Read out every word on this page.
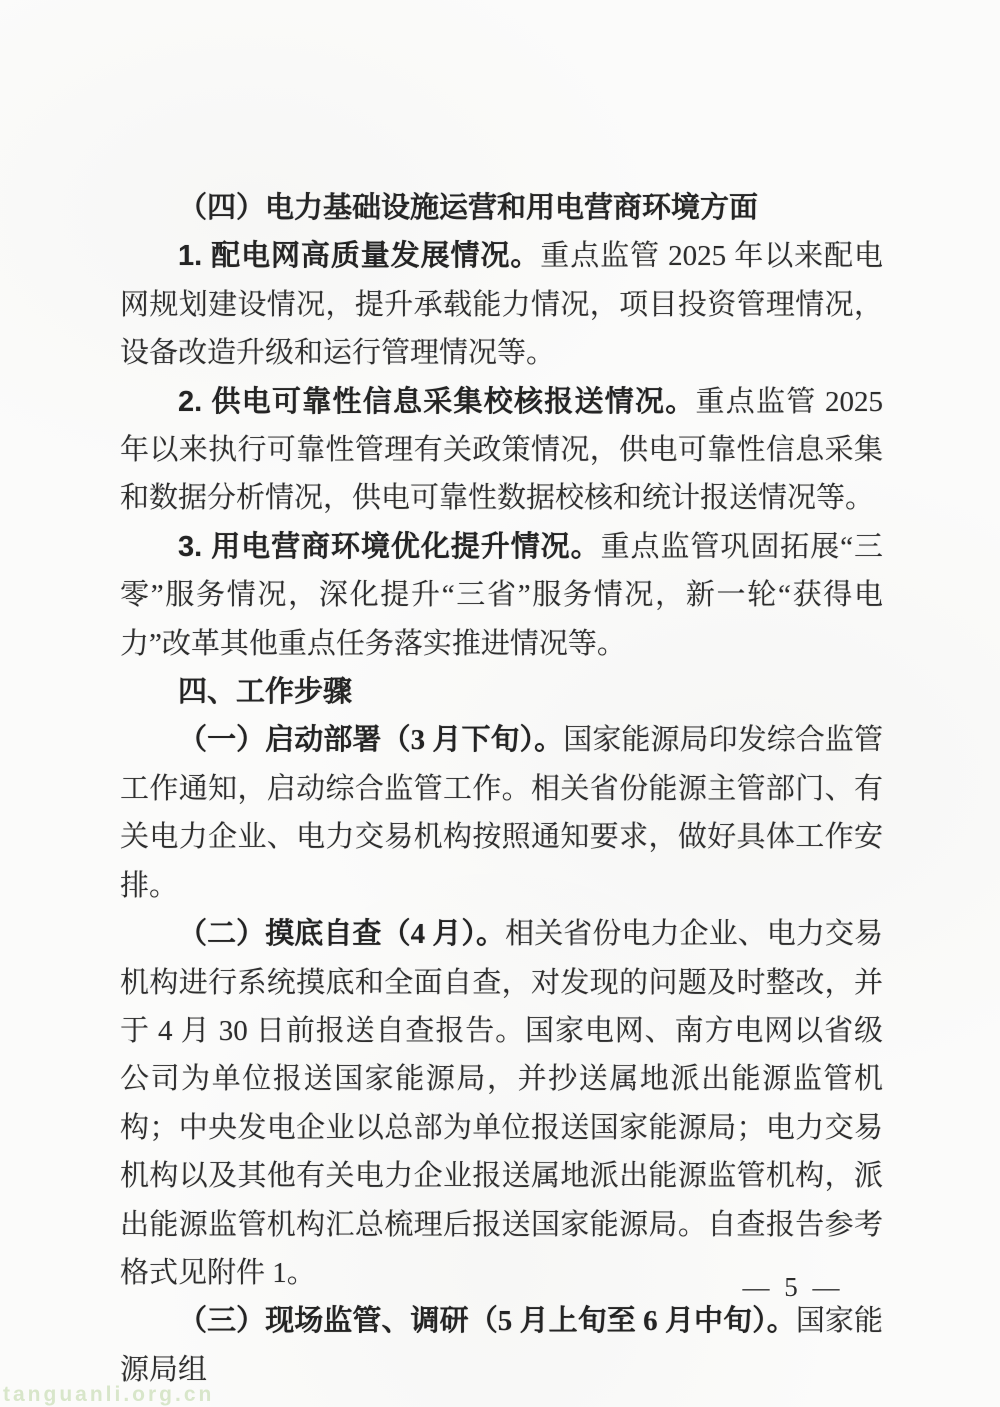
（四）电力基础设施运营和用电营商环境方面

1. 配电网高质量发展情况。重点监管 2025 年以来配电网规划建设情况，提升承载能力情况，项目投资管理情况，设备改造升级和运行管理情况等。

2. 供电可靠性信息采集校核报送情况。重点监管 2025 年以来执行可靠性管理有关政策情况，供电可靠性信息采集和数据分析情况，供电可靠性数据校核和统计报送情况等。

3. 用电营商环境优化提升情况。重点监管巩固拓展“三零”服务情况，深化提升“三省”服务情况，新一轮“获得电力”改革其他重点任务落实推进情况等。

四、工作步骤

（一）启动部署（3 月下旬）。国家能源局印发综合监管工作通知，启动综合监管工作。相关省份能源主管部门、有关电力企业、电力交易机构按照通知要求，做好具体工作安排。

（二）摸底自查（4 月）。相关省份电力企业、电力交易机构进行系统摸底和全面自查，对发现的问题及时整改，并于 4 月 30 日前报送自查报告。国家电网、南方电网以省级公司为单位报送国家能源局，并抄送属地派出能源监管机构；中央发电企业以总部为单位报送国家能源局；电力交易机构以及其他有关电力企业报送属地派出能源监管机构，派出能源监管机构汇总梳理后报送国家能源局。自查报告参考格式见附件 1。

（三）现场监管、调研（5 月上旬至 6 月中旬）。国家能源局组

— 5 —
tanguanli.org.cn
